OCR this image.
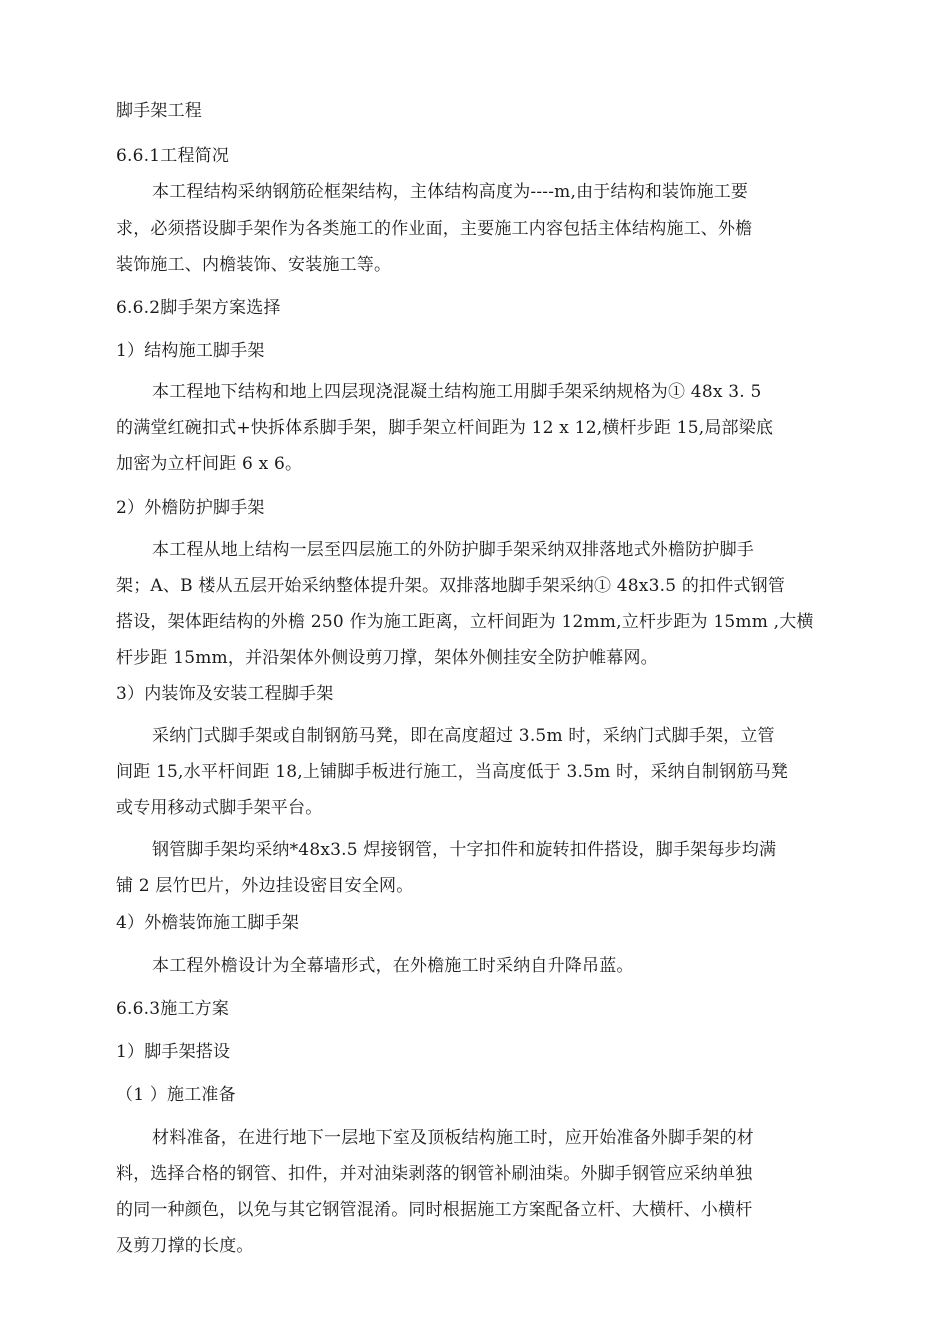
脚手架工程
6.6.1工程简况
本工程结构采纳钢筋砼框架结构，主体结构高度为----m,由于结构和装饰施工要
求，必须搭设脚手架作为各类施工的作业面，主要施工内容包括主体结构施工、外檐
装饰施工、内檐装饰、安装施工等。
6.6.2脚手架方案选择
1）结构施工脚手架
本工程地下结构和地上四层现浇混凝土结构施工用脚手架采纳规格为① 48x 3. 5
的满堂红碗扣式+快拆体系脚手架，脚手架立杆间距为 12 x 12,横杆步距 15,局部梁底
加密为立杆间距 6 x 6。
2）外檐防护脚手架
本工程从地上结构一层至四层施工的外防护脚手架采纳双排落地式外檐防护脚手
架；A、B 楼从五层开始采纳整体提升架。双排落地脚手架采纳① 48x3.5 的扣件式钢管
搭设，架体距结构的外檐 250 作为施工距离，立杆间距为 12mm,立杆步距为 15mm ,大横
杆步距 15mm，并沿架体外侧设剪刀撑，架体外侧挂安全防护帷幕网。
3）内装饰及安装工程脚手架
采纳门式脚手架或自制钢筋马凳，即在高度超过 3.5m 时，采纳门式脚手架，立管
间距 15,水平杆间距 18,上铺脚手板进行施工，当高度低于 3.5m 时，采纳自制钢筋马凳
或专用移动式脚手架平台。
钢管脚手架均采纳*48x3.5 焊接钢管，十字扣件和旋转扣件搭设，脚手架每步均满
铺 2 层竹巴片，外边挂设密目安全网。
4）外檐装饰施工脚手架
本工程外檐设计为全幕墙形式，在外檐施工时采纳自升降吊蓝。
6.6.3施工方案
1）脚手架搭设
（1 ）施工准备
材料准备，在进行地下一层地下室及顶板结构施工时，应开始准备外脚手架的材
料，选择合格的钢管、扣件，并对油柒剥落的钢管补刷油柒。外脚手钢管应采纳单独
的同一种颜色，以免与其它钢管混淆。同时根据施工方案配备立杆、大横杆、小横杆
及剪刀撑的长度。
